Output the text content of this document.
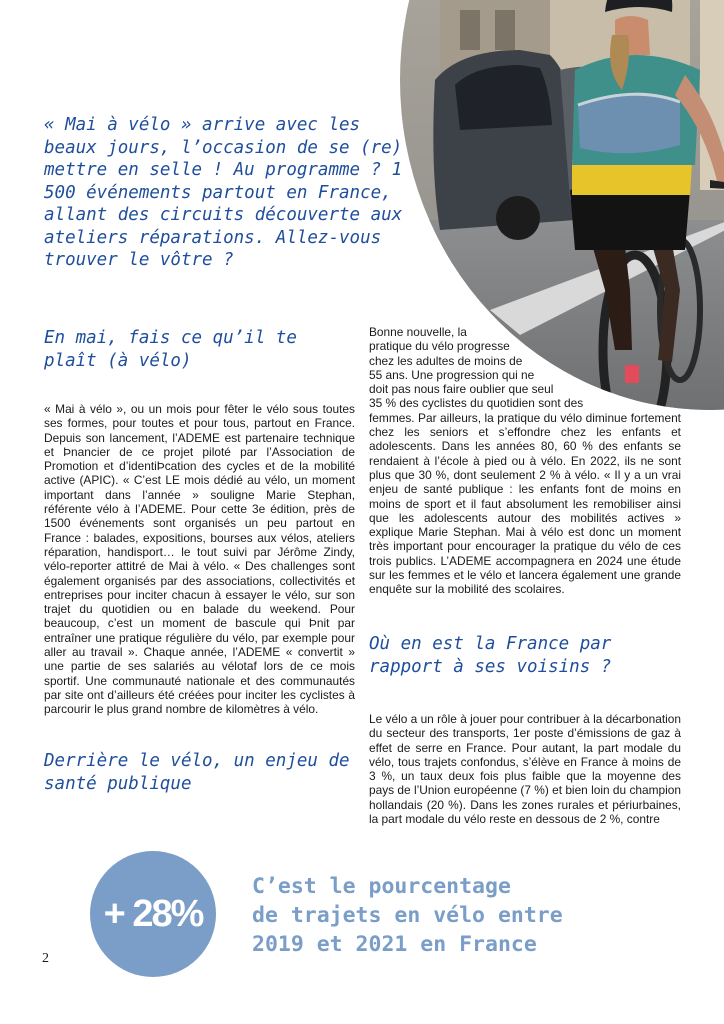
« Mai à vélo » arrive avec les beaux jours, l’occasion de se (re) mettre en selle ! Au programme ? 1 500 événements partout en France, allant des circuits découverte aux ateliers réparations. Allez-vous trouver le vôtre ?
En mai, fais ce qu’il te plaît (à vélo)

« Mai à vélo », ou un mois pour fêter le vélo sous toutes ses formes, pour toutes et pour tous, partout en France. Depuis son lancement, l’ADEME est partenaire technique et Þnancier de ce projet piloté par l’Association de Promotion et d’identiÞcation des cycles et de la mobilité active (APIC). « C’est LE mois dédié au vélo, un moment important dans l’année » souligne Marie Stephan, référente vélo à l’ADEME. Pour cette 3e édition, près de 1500 événements sont organisés un peu partout en France : balades, expositions, bourses aux vélos, ateliers réparation, handisport… le tout suivi par Jérôme Zindy, vélo-reporter attitré de Mai à vélo. « Des challenges sont également organisés par des associations, collectivités et entreprises pour inciter chacun à essayer le vélo, sur son trajet du quotidien ou en balade du weekend. Pour beaucoup, c’est un moment de bascule qui Þnit par entraîner une pratique régulière du vélo, par exemple pour aller au travail ». Chaque année, l’ADEME « convertit » une partie de ses salariés au vélotaf lors de ce mois sportif. Une communauté nationale et des communautés par site ont d’ailleurs été créées pour inciter les cyclistes à parcourir le plus grand nombre de kilomètres à vélo.

Derrière le vélo, un enjeu de santé publique
Bonne nouvelle, la
pratique du vélo progresse
chez les adultes de moins de
55 ans. Une progression qui ne
doit pas nous faire oublier que seul
35 % des cyclistes du quotidien sont des

femmes. Par ailleurs, la pratique du vélo diminue fortement chez les seniors et s’effondre chez les enfants et adolescents. Dans les années 80, 60 % des enfants se rendaient à l’école à pied ou à vélo. En 2022, ils ne sont plus que 30 %, dont seulement 2 % à vélo. « Il y a un vrai enjeu de santé publique : les enfants font de moins en moins de sport et il faut absolument les remobiliser ainsi que les adolescents autour des mobilités actives » explique Marie Stephan. Mai à vélo est donc un moment très important pour encourager la pratique du vélo de ces trois publics. L’ADEME accompagnera en 2024 une étude sur les femmes et le vélo et lancera également une grande enquête sur la mobilité des scolaires.

Où en est la France par rapport à ses voisins ?
Le vélo a un rôle à jouer pour contribuer à la décarbonation du secteur des transports, 1er poste d’émissions de gaz à effet de serre en France. Pour autant, la part modale du vélo, tous trajets confondus, s’élève en France à moins de 3 %, un taux deux fois plus faible que la moyenne des pays de l’Union européenne (7 %) et bien loin du champion hollandais (20 %). Dans les zones rurales et périurbaines, la part modale du vélo reste en dessous de 2 %, contre
+ 28%
C’est le pourcentage
de trajets en vélo entre
2019 et 2021 en France
2
